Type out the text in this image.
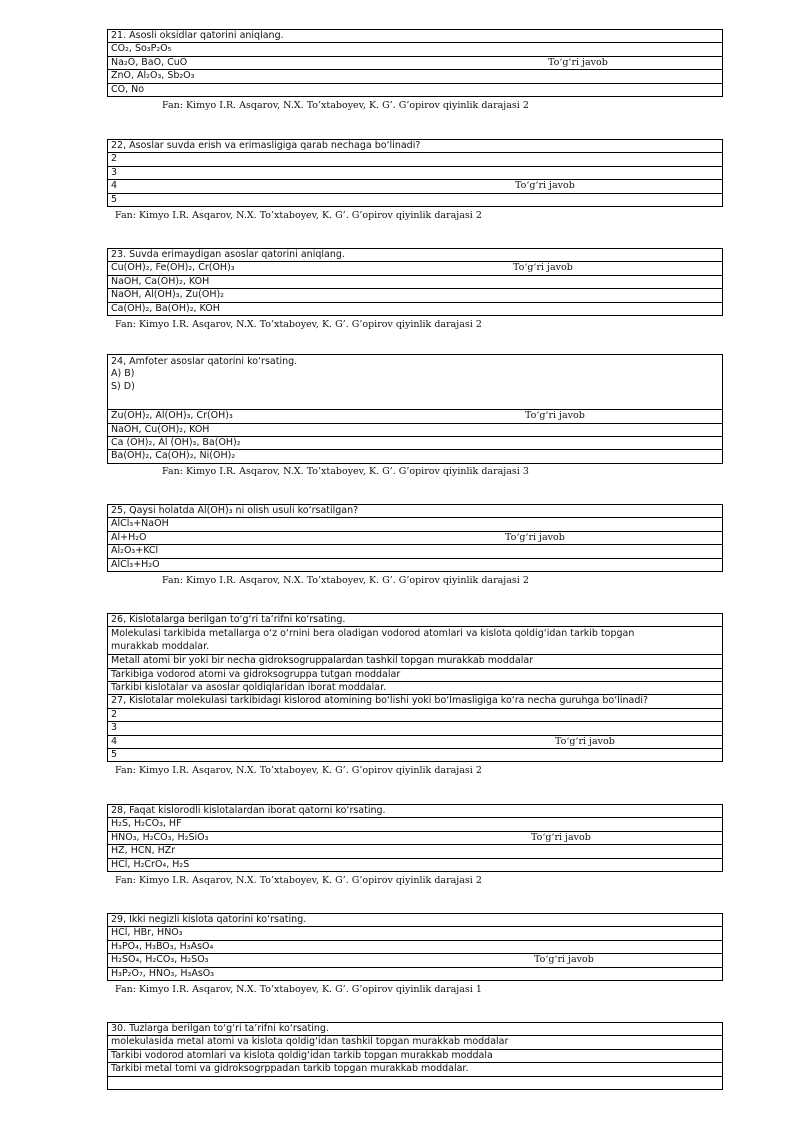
21. Asosli oksidlar qatorini aniqlang.
CO₂, So₃P₂O₅
Na₂O, BaO, CuO	To‘g‘ri javob
ZnO, Al₂O₃, Sb₂O₃
CO, No
Fan: Kimyo I.R. Asqarov, N.X. To’xtaboyev, K. G’. G’opirov qiyinlik darajasi 2
22, Asoslar suvda erish va erimasligiga qarab nechaga bo‘linadi?
2
3
4	To‘g‘ri javob
5
Fan: Kimyo I.R. Asqarov, N.X. To’xtaboyev, K. G’. G’opirov qiyinlik darajasi 2
23. Suvda erimaydigan asoslar qatorini aniqlang.
Cu(OH)₂, Fe(OH)₂, Cr(OH)₃	To‘g‘ri javob
NaOH, Ca(OH)₂, KOH
NaOH, Al(OH)₃, Zu(OH)₂
Ca(OH)₂, Ba(OH)₂, KOH
Fan: Kimyo I.R. Asqarov, N.X. To’xtaboyev, K. G’. G’opirov qiyinlik darajasi 2
24, Amfoter asoslar qatorini ko‘rsating.
A) B)
S) D)
Zu(OH)₂, Al(OH)₃, Cr(OH)₃	To‘g‘ri javob
NaOH, Cu(OH)₂, KOH
Ca (OH)₂, Al (OH)₃, Ba(OH)₂
Ba(OH)₂, Ca(OH)₂, Ni(OH)₂
Fan: Kimyo I.R. Asqarov, N.X. To’xtaboyev, K. G’. G’opirov qiyinlik darajasi 3
25, Qaysi holatda Al(OH)₃ ni olish usuli ko‘rsatilgan?
AlCl₃+NaOH
Al+H₂O	To‘g‘ri javob
Al₂O₃+KCl
AlCl₃+H₂O
Fan: Kimyo I.R. Asqarov, N.X. To’xtaboyev, K. G’. G’opirov qiyinlik darajasi 2
26, Kislotalarga berilgan to‘g‘ri ta’rifni ko‘rsating.
Molekulasi tarkibida metallarga o‘z o‘rnini bera oladigan vodorod atomlari va kislota qoldig‘idan tarkib topgan murakkab moddalar.
Metall atomi bir yoki bir necha gidroksogruppalardan tashkil topgan murakkab moddalar
Tarkibiga vodorod atomi va gidroksogruppa tutgan moddalar
Tarkibi kislotalar va asoslar qoldiqlaridan iborat moddalar.
27, Kislotalar molekulasi tarkibidagi kislorod atomining bo‘lishi yoki bo‘lmasligiga ko‘ra necha guruhga bo‘linadi?
2
3
4	To‘g‘ri javob
5
Fan: Kimyo I.R. Asqarov, N.X. To’xtaboyev, K. G’. G’opirov qiyinlik darajasi 2
28, Faqat kislorodli kislotalardan iborat qatorni ko‘rsating.
H₂S, H₂CO₃, HF
HNO₃, H₂CO₃, H₂SiO₃	To‘g‘ri javob
HZ, HCN, HZr
HCl, H₂CrO₄, H₂S
Fan: Kimyo I.R. Asqarov, N.X. To’xtaboyev, K. G’. G’opirov qiyinlik darajasi 2
29, Ikki negizli kislota qatorini ko‘rsating.
HCl, HBr, HNO₃
H₃PO₄, H₃BO₃, H₃AsO₄
H₂SO₄, H₂CO₃, H₂SO₃	To‘g‘ri javob
H₃P₂O₇, HNO₃, H₃AsO₃
Fan: Kimyo I.R. Asqarov, N.X. To’xtaboyev, K. G’. G’opirov qiyinlik darajasi 1
30. Tuzlarga berilgan to‘g‘ri ta’rifni ko‘rsating.
molekulasida metal atomi va kislota qoldig‘idan tashkil topgan murakkab moddalar
Tarkibi vodorod atomlari va kislota qoldig‘idan tarkib topgan murakkab moddala
Tarkibi metal tomi va gidroksogrppadan tarkib topgan murakkab moddalar.
